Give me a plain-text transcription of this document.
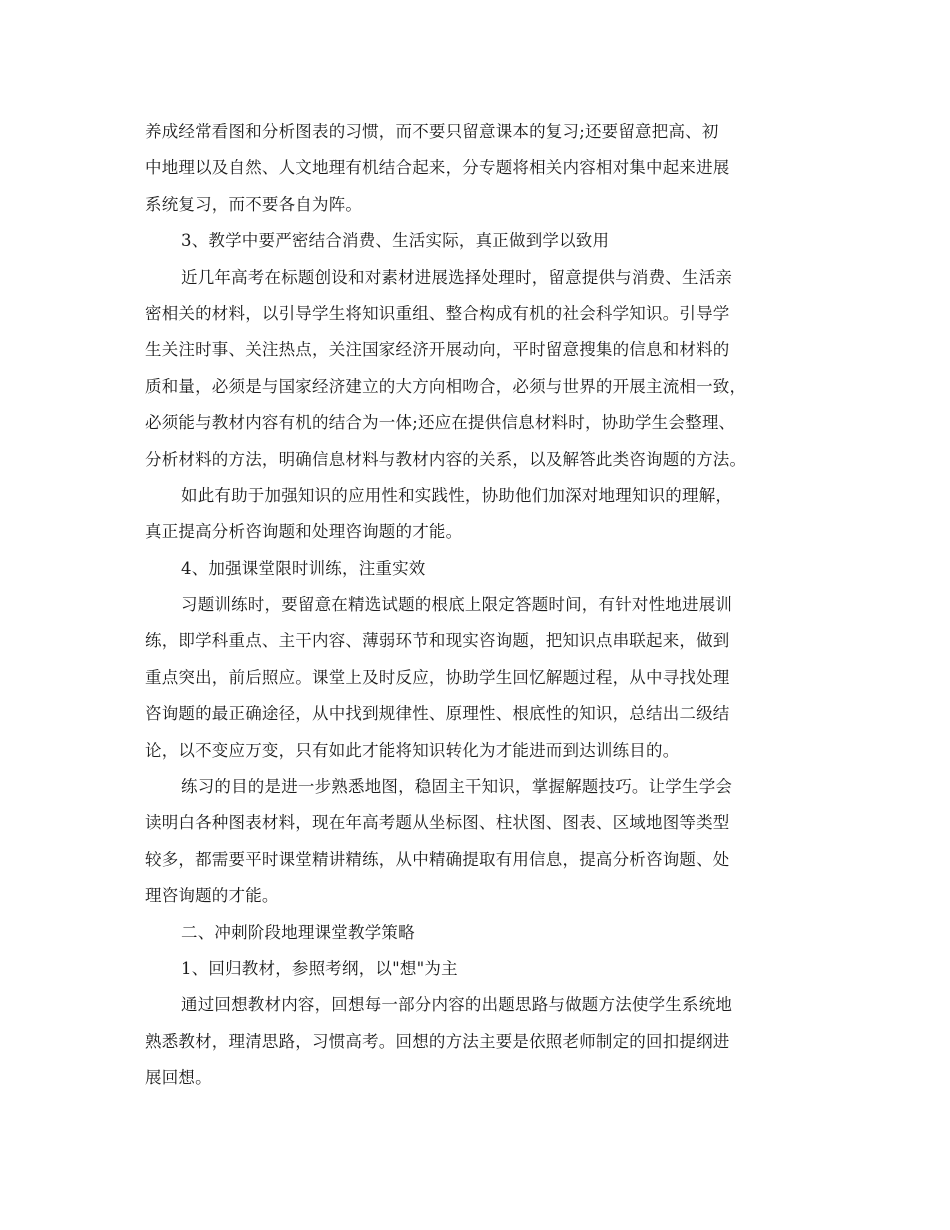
养成经常看图和分析图表的习惯，而不要只留意课本的复习;还要留意把高、初
中地理以及自然、人文地理有机结合起来，分专题将相关内容相对集中起来进展
系统复习，而不要各自为阵。
3、教学中要严密结合消费、生活实际，真正做到学以致用
近几年高考在标题创设和对素材进展选择处理时，留意提供与消费、生活亲
密相关的材料，以引导学生将知识重组、整合构成有机的社会科学知识。引导学
生关注时事、关注热点，关注国家经济开展动向，平时留意搜集的信息和材料的
质和量，必须是与国家经济建立的大方向相吻合，必须与世界的开展主流相一致，
必须能与教材内容有机的结合为一体;还应在提供信息材料时，协助学生会整理、
分析材料的方法，明确信息材料与教材内容的关系，以及解答此类咨询题的方法。
如此有助于加强知识的应用性和实践性，协助他们加深对地理知识的理解，
真正提高分析咨询题和处理咨询题的才能。
4、加强课堂限时训练，注重实效
习题训练时，要留意在精选试题的根底上限定答题时间，有针对性地进展训
练，即学科重点、主干内容、薄弱环节和现实咨询题，把知识点串联起来，做到
重点突出，前后照应。课堂上及时反应，协助学生回忆解题过程，从中寻找处理
咨询题的最正确途径，从中找到规律性、原理性、根底性的知识，总结出二级结
论，以不变应万变，只有如此才能将知识转化为才能进而到达训练目的。
练习的目的是进一步熟悉地图，稳固主干知识，掌握解题技巧。让学生学会
读明白各种图表材料，现在年高考题从坐标图、柱状图、图表、区域地图等类型
较多，都需要平时课堂精讲精练，从中精确提取有用信息，提高分析咨询题、处
理咨询题的才能。
二、冲刺阶段地理课堂教学策略
1、回归教材，参照考纲，以"想"为主
通过回想教材内容，回想每一部分内容的出题思路与做题方法使学生系统地
熟悉教材，理清思路，习惯高考。回想的方法主要是依照老师制定的回扣提纲进
展回想。
